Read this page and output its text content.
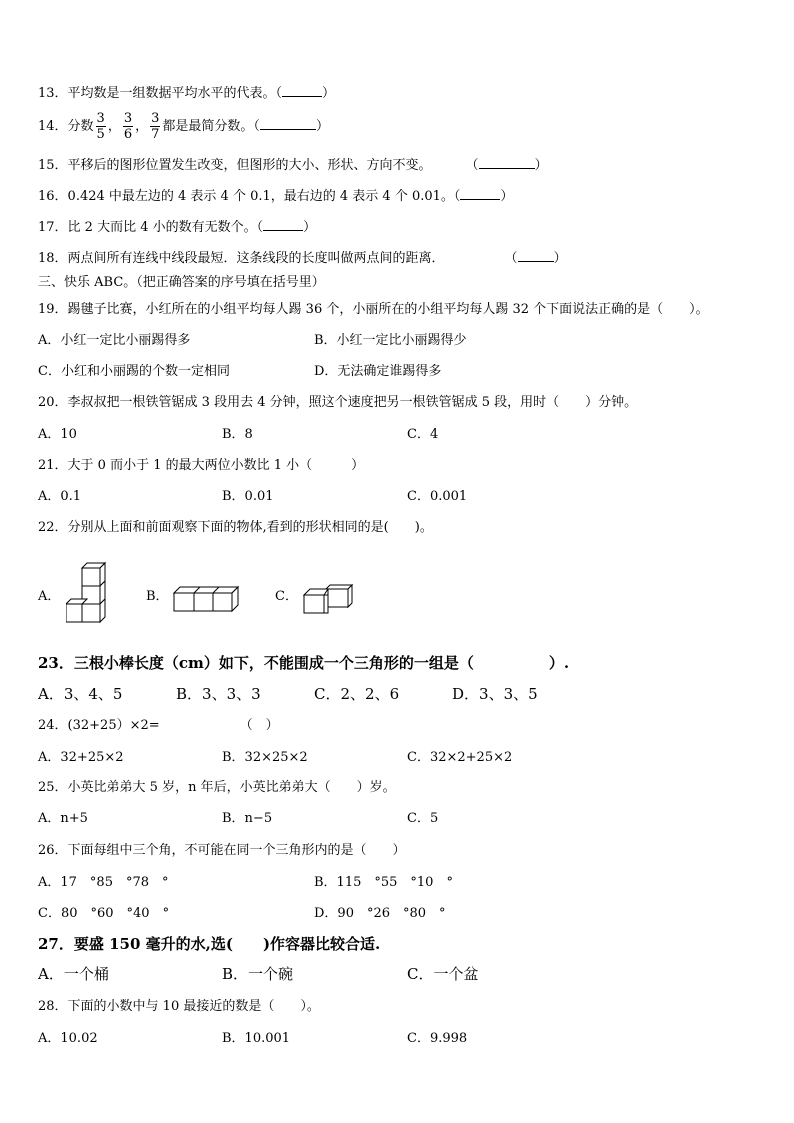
13．平均数是一组数据平均水平的代表。（	）
14．分数 $\frac{3}{5}$ ， $\frac{3}{6}$ ， $\frac{3}{7}$ 都是最简分数。（	）
15．平移后的图形位置发生改变，但图形的大小、形状、方向不变。	（	）
16．0.424 中最左边的 4 表示 4 个 0.1，最右边的 4 表示 4 个 0.01。（	）
17．比 2 大而比 4 小的数有无数个。（	）
18．两点间所有连线中线段最短．这条线段的长度叫做两点间的距离．	（	）
三、快乐 ABC。（把正确答案的序号填在括号里）
19．踢毽子比赛，小红所在的小组平均每人踢 36 个，小丽所在的小组平均每人踢 32 个下面说法正确的是（　　）。
A．小红一定比小丽踢得多	B．小红一定比小丽踢得少
C．小红和小丽踢的个数一定相同	D．无法确定谁踢得多
20．李叔叔把一根铁管锯成 3 段用去 4 分钟，照这个速度把另一根铁管锯成 5 段，用时（　　）分钟。
A．10	B．8	C．4
21．大于 0 而小于 1 的最大两位小数比 1 小（　　　）
A．0.1	B．0.01	C．0.001
22．分别从上面和前面观察下面的物体,看到的形状相同的是(　　)。
A．	B．	C．
23．三根小棒长度（cm）如下，不能围成一个三角形的一组是（　　　　　）.
A．3、4、5	B．3、3、3	C．2、2、6	D．3、3、5
24．(32+25）×2=	（　）
A．32+25×2	B．32×25×2	C．32×2+25×2
25．小英比弟弟大 5 岁，n 年后，小英比弟弟大（　　）岁。
A．n+5	B．n−5	C．5
26．下面每组中三个角，不可能在同一个三角形内的是（　　）
A．17　°85　°78　°	B．115　°55　°10　°
C．80　°60　°40　°	D．90　°26　°80　°
27．要盛 150 毫升的水,选(　　)作容器比较合适.
A．一个桶	B．一个碗	C．一个盆
28．下面的小数中与 10 最接近的数是（　　）。
A．10.02	B．10.001	C．9.998
